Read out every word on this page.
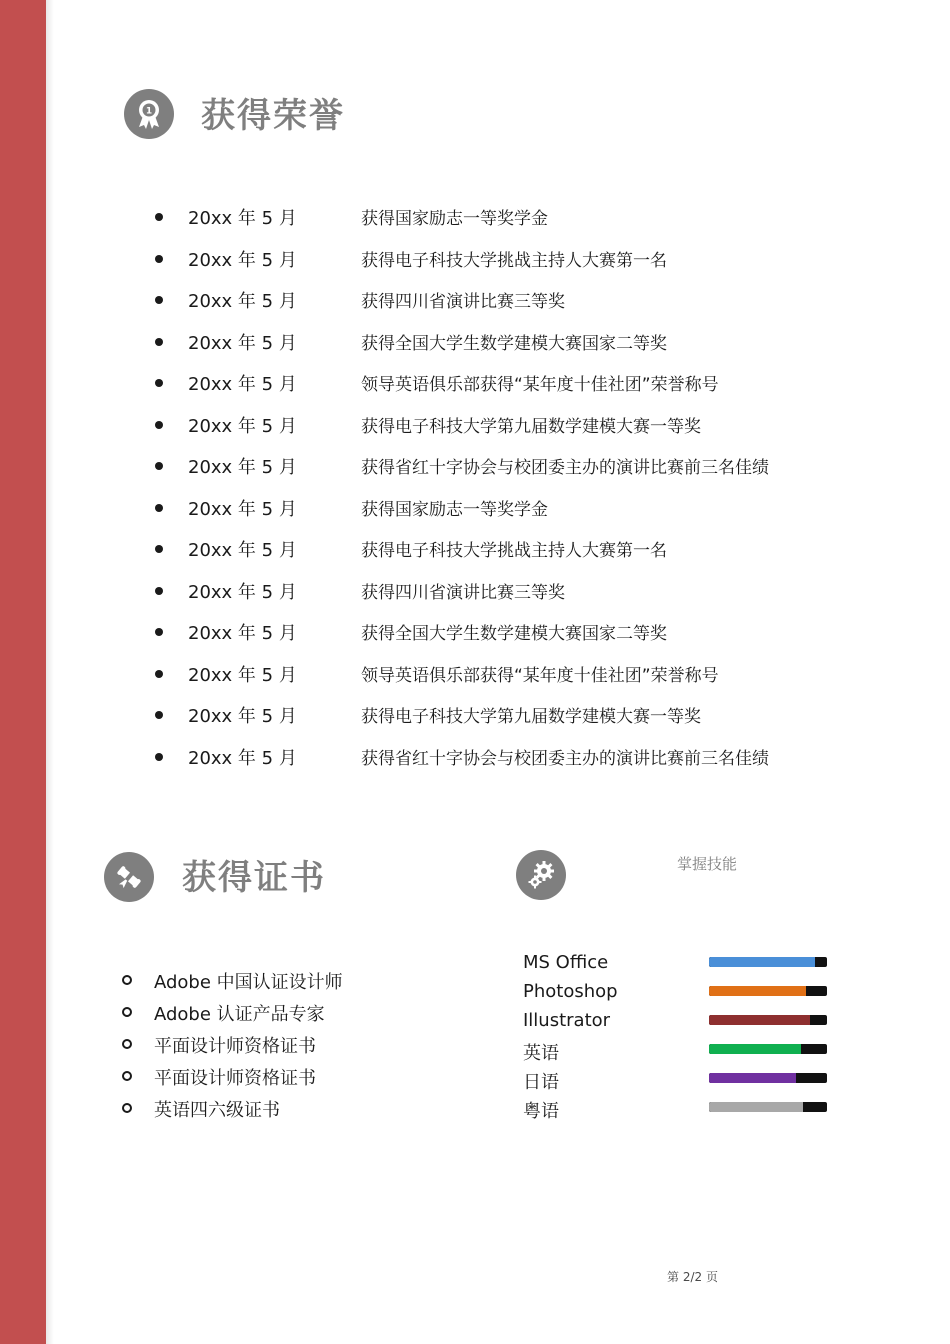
1 获得荣誉
20xx 年 5 月	获得国家励志一等奖学金
20xx 年 5 月	获得电子科技大学挑战主持人大赛第一名
20xx 年 5 月	获得四川省演讲比赛三等奖
20xx 年 5 月	获得全国大学生数学建模大赛国家二等奖
20xx 年 5 月	领导英语俱乐部获得“某年度十佳社团”荣誉称号
20xx 年 5 月	获得电子科技大学第九届数学建模大赛一等奖
20xx 年 5 月	获得省红十字协会与校团委主办的演讲比赛前三名佳绩
20xx 年 5 月	获得国家励志一等奖学金
20xx 年 5 月	获得电子科技大学挑战主持人大赛第一名
20xx 年 5 月	获得四川省演讲比赛三等奖
20xx 年 5 月	获得全国大学生数学建模大赛国家二等奖
20xx 年 5 月	领导英语俱乐部获得“某年度十佳社团”荣誉称号
20xx 年 5 月	获得电子科技大学第九届数学建模大赛一等奖
20xx 年 5 月	获得省红十字协会与校团委主办的演讲比赛前三名佳绩
获得证书
Adobe 中国认证设计师
Adobe 认证产品专家
平面设计师资格证书
平面设计师资格证书
英语四六级证书
掌握技能
MS Office
Photoshop
Illustrator
英语
日语
粤语
第 2/2 页
